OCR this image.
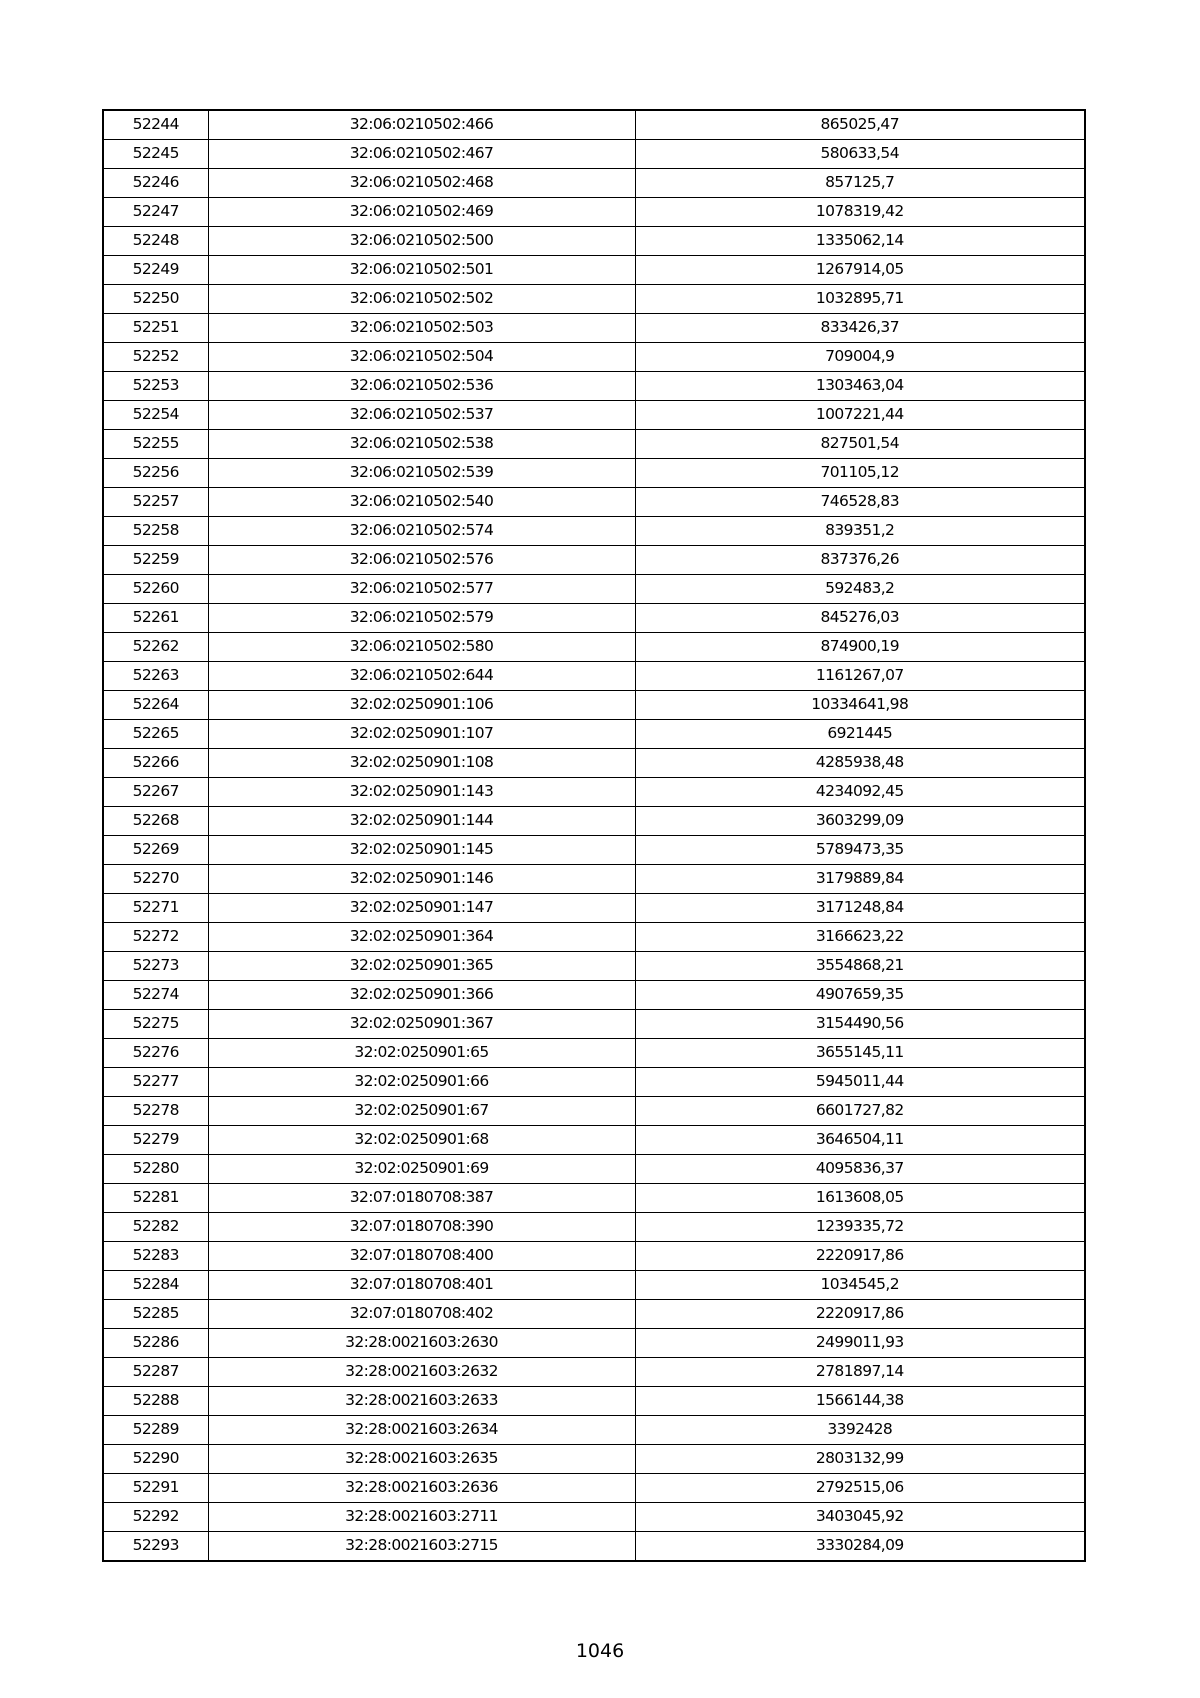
52244	32:06:0210502:466	865025,47
52245	32:06:0210502:467	580633,54
52246	32:06:0210502:468	857125,7
52247	32:06:0210502:469	1078319,42
52248	32:06:0210502:500	1335062,14
52249	32:06:0210502:501	1267914,05
52250	32:06:0210502:502	1032895,71
52251	32:06:0210502:503	833426,37
52252	32:06:0210502:504	709004,9
52253	32:06:0210502:536	1303463,04
52254	32:06:0210502:537	1007221,44
52255	32:06:0210502:538	827501,54
52256	32:06:0210502:539	701105,12
52257	32:06:0210502:540	746528,83
52258	32:06:0210502:574	839351,2
52259	32:06:0210502:576	837376,26
52260	32:06:0210502:577	592483,2
52261	32:06:0210502:579	845276,03
52262	32:06:0210502:580	874900,19
52263	32:06:0210502:644	1161267,07
52264	32:02:0250901:106	10334641,98
52265	32:02:0250901:107	6921445
52266	32:02:0250901:108	4285938,48
52267	32:02:0250901:143	4234092,45
52268	32:02:0250901:144	3603299,09
52269	32:02:0250901:145	5789473,35
52270	32:02:0250901:146	3179889,84
52271	32:02:0250901:147	3171248,84
52272	32:02:0250901:364	3166623,22
52273	32:02:0250901:365	3554868,21
52274	32:02:0250901:366	4907659,35
52275	32:02:0250901:367	3154490,56
52276	32:02:0250901:65	3655145,11
52277	32:02:0250901:66	5945011,44
52278	32:02:0250901:67	6601727,82
52279	32:02:0250901:68	3646504,11
52280	32:02:0250901:69	4095836,37
52281	32:07:0180708:387	1613608,05
52282	32:07:0180708:390	1239335,72
52283	32:07:0180708:400	2220917,86
52284	32:07:0180708:401	1034545,2
52285	32:07:0180708:402	2220917,86
52286	32:28:0021603:2630	2499011,93
52287	32:28:0021603:2632	2781897,14
52288	32:28:0021603:2633	1566144,38
52289	32:28:0021603:2634	3392428
52290	32:28:0021603:2635	2803132,99
52291	32:28:0021603:2636	2792515,06
52292	32:28:0021603:2711	3403045,92
52293	32:28:0021603:2715	3330284,09
1046
